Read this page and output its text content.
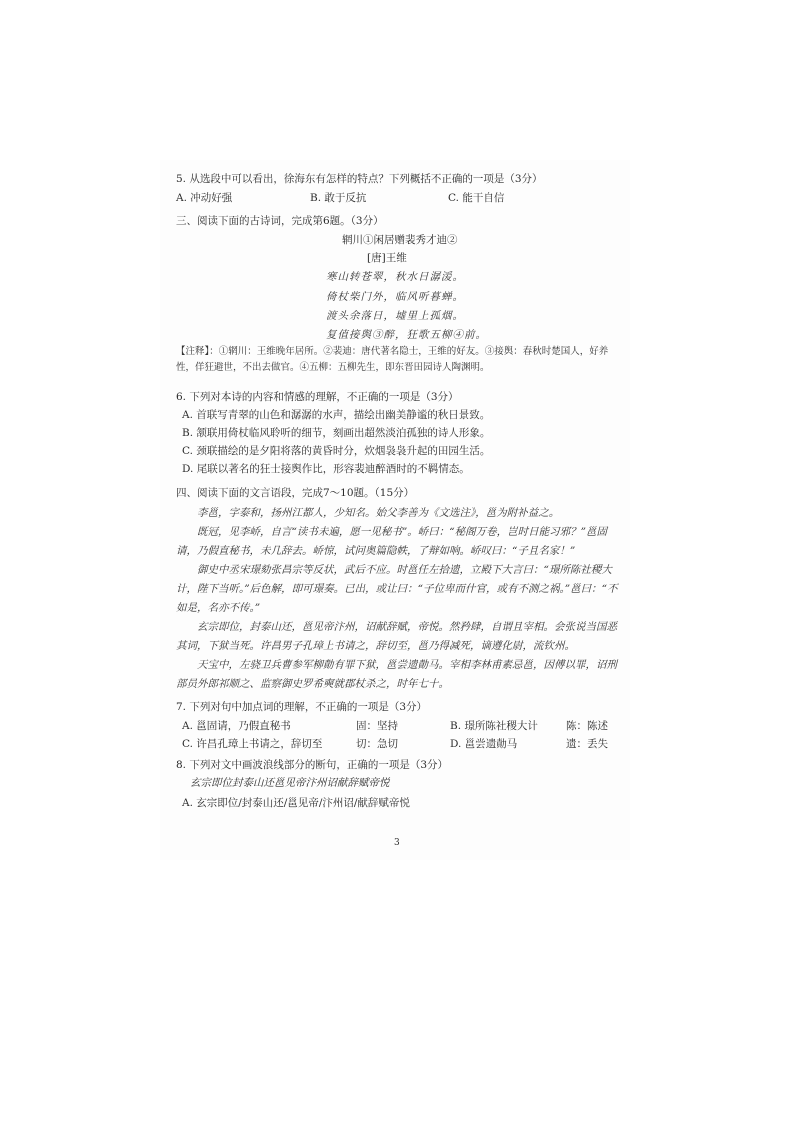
5. 从选段中可以看出，徐海东有怎样的特点？下列概括不正确的一项是（3分）
A. 冲动好强	B. 敢于反抗	C. 能干自信
三、阅读下面的古诗词，完成第6题。（3分）
辋川①闲居赠裴秀才迪②
[唐]王维
寒山转苍翠，秋水日潺湲。
倚杖柴门外，临风听暮蝉。
渡头余落日，墟里上孤烟。
复值接舆③醉，狂歌五柳④前。
【注释】：①辋川：王维晚年居所。②裴迪：唐代著名隐士，王维的好友。③接舆：春秋时楚国人，好养性，佯狂避世，不出去做官。④五柳：五柳先生，即东晋田园诗人陶渊明。
6. 下列对本诗的内容和情感的理解，不正确的一项是（3分）
A. 首联写青翠的山色和潺潺的水声，描绘出幽美静谧的秋日景致。
B. 颔联用倚杖临风聆听的细节，刻画出超然淡泊孤独的诗人形象。
C. 颈联描绘的是夕阳将落的黄昏时分，炊烟袅袅升起的田园生活。
D. 尾联以著名的狂士接舆作比，形容裴迪醉酒时的不羁情态。
四、阅读下面的文言语段，完成7～10题。（15分）

李邕，字泰和，扬州江都人，少知名。始父李善为《文选注》，邕为附补益之。

既冠，见李峤，自言“读书未遍，愿一见秘书”。峤曰：“秘阁万卷，岂时日能习邪？”邕固请，乃假直秘书，未几辞去。峤惊，试问奥篇隐帙，了辩如响。峤叹曰：“子且名家！”

御史中丞宋璟劾张昌宗等反状，武后不应。时邕任左拾遗，立殿下大言曰：“璟所陈社稷大计，陛下当听。”后色解，即可璟奏。已出，或让曰：“子位卑而什官，或有不测之祸。”邕曰：“不如是，名亦不传。”

玄宗即位，封泰山还，邕见帝汴州，诏献辞赋，帝悦。然矜肆，自谓且宰相。会张说当国恶其词，下狱当死。许昌男子孔璋上书请之，辞切至，邕乃得减死，谪遵化尉，流钦州。

天宝中，左骁卫兵曹参军柳勣有罪下狱，邕尝遗勣马。宰相李林甫素忌邕，因傅以罪，诏刑部员外郎祁顺之、监察御史罗希奭就郡杖杀之，时年七十。

7. 下列对句中加点词的理解，不正确的一项是（3分）
A. 邕固请，乃假直秘书	固：坚持	B. 璟所陈社稷大计	陈：陈述
C. 许昌孔璋上书请之，辞切至	切：急切	D. 邕尝遗勣马	遗：丢失
8. 下列对文中画波浪线部分的断句，正确的一项是（3分）
玄宗即位封泰山还邕见帝汴州诏献辞赋帝悦
A. 玄宗即位/封泰山还/邕见帝/汴州诏/献辞赋帝悦
3
